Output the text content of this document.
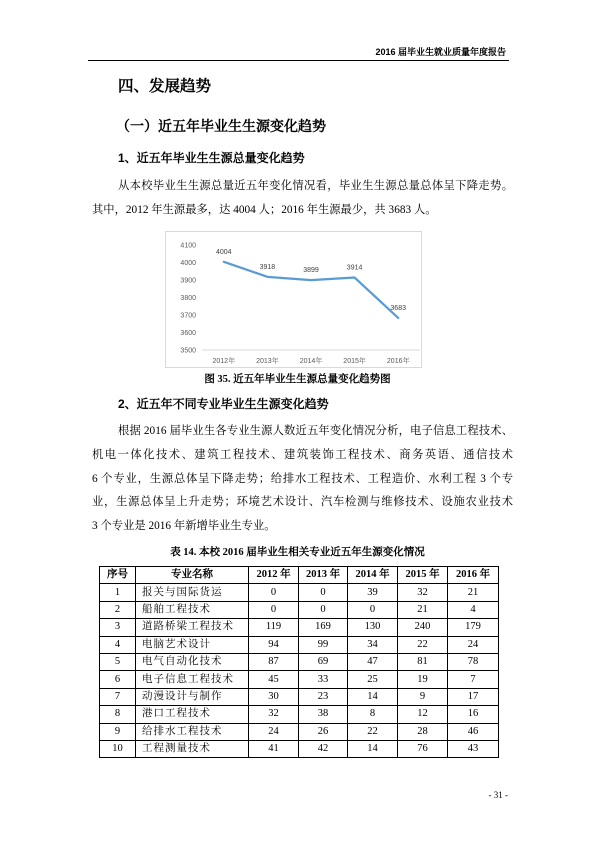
2016 届毕业生就业质量年度报告
四、发展趋势
（一）近五年毕业生生源变化趋势
1、近五年毕业生生源总量变化趋势
从本校毕业生生源总量近五年变化情况看，毕业生生源总量总体呈下降走势。
其中，2012 年生源最多，达 4004 人；2016 年生源最少，共 3683 人。
3500
3600
3700
3800
3900
4000
4100
2012年	2013年	2014年	2015年	2016年
4004
3918	3899	3914
3683
图 35. 近五年毕业生生源总量变化趋势图
2、近五年不同专业毕业生生源变化趋势
根据 2016 届毕业生各专业生源人数近五年变化情况分析，电子信息工程技术、
机电一体化技术、建筑工程技术、建筑装饰工程技术、商务英语、通信技术
6 个专业，生源总体呈下降走势；给排水工程技术、工程造价、水利工程 3 个专
业，生源总体呈上升走势；环境艺术设计、汽车检测与维修技术、设施农业技术
3 个专业是 2016 年新增毕业生专业。
表 14. 本校 2016 届毕业生相关专业近五年生源变化情况
序号	专业名称	2012 年	2013 年	2014 年	2015 年	2016 年
1	报关与国际货运	0	0	39	32	21
2	船舶工程技术	0	0	0	21	4
3	道路桥梁工程技术	119	169	130	240	179
4	电脑艺术设计	94	99	34	22	24
5	电气自动化技术	87	69	47	81	78
6	电子信息工程技术	45	33	25	19	7
7	动漫设计与制作	30	23	14	9	17
8	港口工程技术	32	38	8	12	16
9	给排水工程技术	24	26	22	28	46
10	工程测量技术	41	42	14	76	43
- 31 -
